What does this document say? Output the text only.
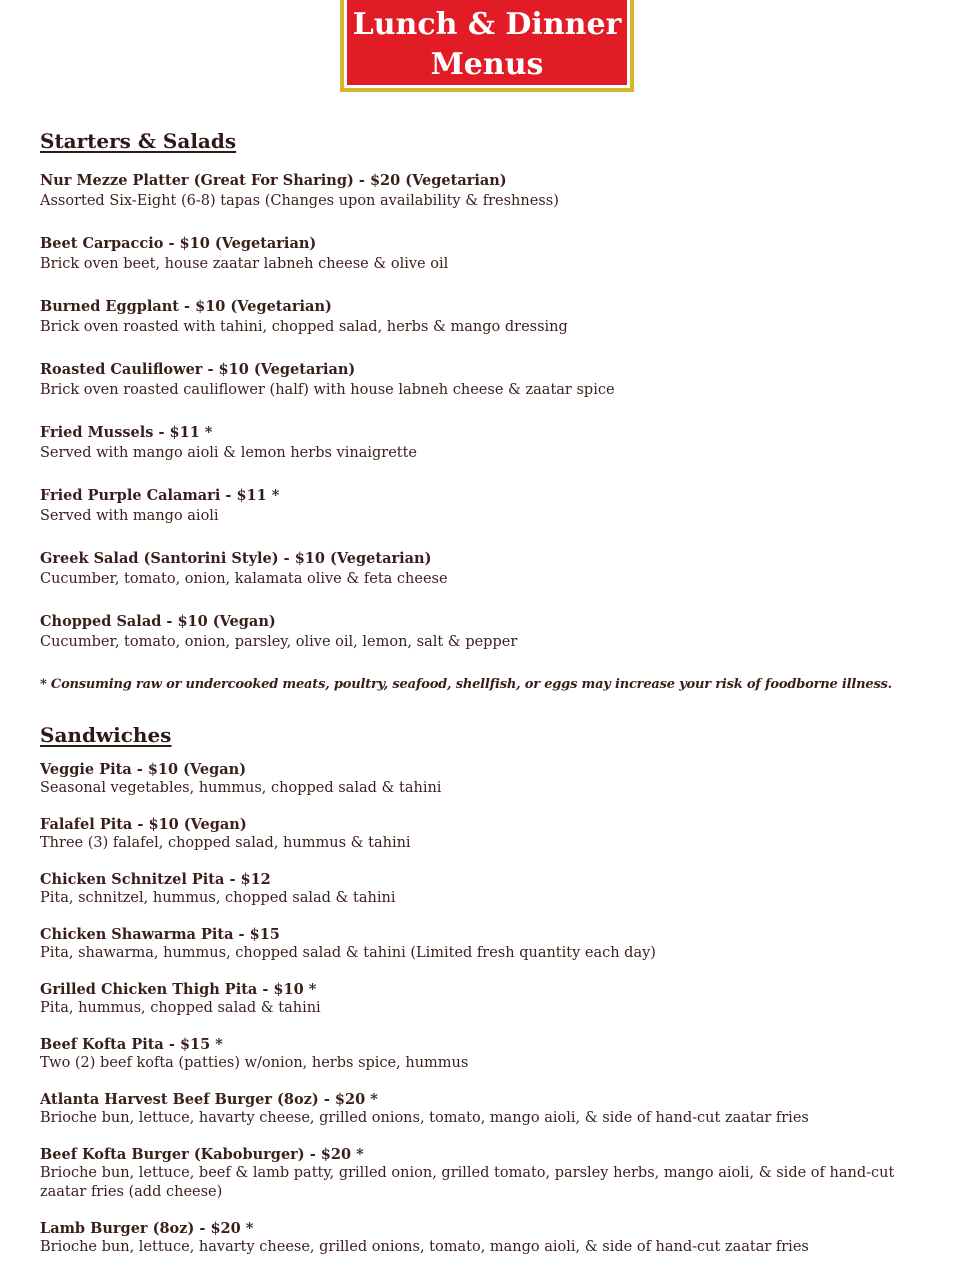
Lunch & Dinner
Menus
Starters & Salads

Nur Mezze Platter (Great For Sharing) - $20 (Vegetarian)

Assorted Six-Eight (6-8) tapas (Changes upon availability & freshness)

Beet Carpaccio - $10 (Vegetarian)

Brick oven beet, house zaatar labneh cheese & olive oil

Burned Eggplant - $10 (Vegetarian)

Brick oven roasted with tahini, chopped salad, herbs & mango dressing

Roasted Cauliflower - $10 (Vegetarian)

Brick oven roasted cauliflower (half) with house labneh cheese & zaatar spice

Fried Mussels - $11 *

Served with mango aioli & lemon herbs vinaigrette

Fried Purple Calamari - $11 *

Served with mango aioli

Greek Salad (Santorini Style) - $10 (Vegetarian)

Cucumber, tomato, onion, kalamata olive & feta cheese

Chopped Salad - $10 (Vegan)

Cucumber, tomato, onion, parsley, olive oil, lemon, salt & pepper

* Consuming raw or undercooked meats, poultry, seafood, shellfish, or eggs may increase your risk of foodborne illness.

Sandwiches

Veggie Pita - $10 (Vegan)

Seasonal vegetables, hummus, chopped salad & tahini

Falafel Pita - $10 (Vegan)

Three (3) falafel, chopped salad, hummus & tahini

Chicken Schnitzel Pita - $12

Pita, schnitzel, hummus, chopped salad & tahini

Chicken Shawarma Pita - $15

Pita, shawarma, hummus, chopped salad & tahini (Limited fresh quantity each day)

Grilled Chicken Thigh Pita - $10 *

Pita, hummus, chopped salad & tahini

Beef Kofta Pita - $15 *

Two (2) beef kofta (patties) w/onion, herbs spice, hummus

Atlanta Harvest Beef Burger (8oz) - $20 *

Brioche bun, lettuce, havarty cheese, grilled onions, tomato, mango aioli, & side of hand-cut zaatar fries

Beef Kofta Burger (Kaboburger) - $20 *

Brioche bun, lettuce, beef & lamb patty, grilled onion, grilled tomato, parsley herbs, mango aioli, & side of hand-cut zaatar fries (add cheese)

Lamb Burger (8oz) - $20 *

Brioche bun, lettuce, havarty cheese, grilled onions, tomato, mango aioli, & side of hand-cut zaatar fries
